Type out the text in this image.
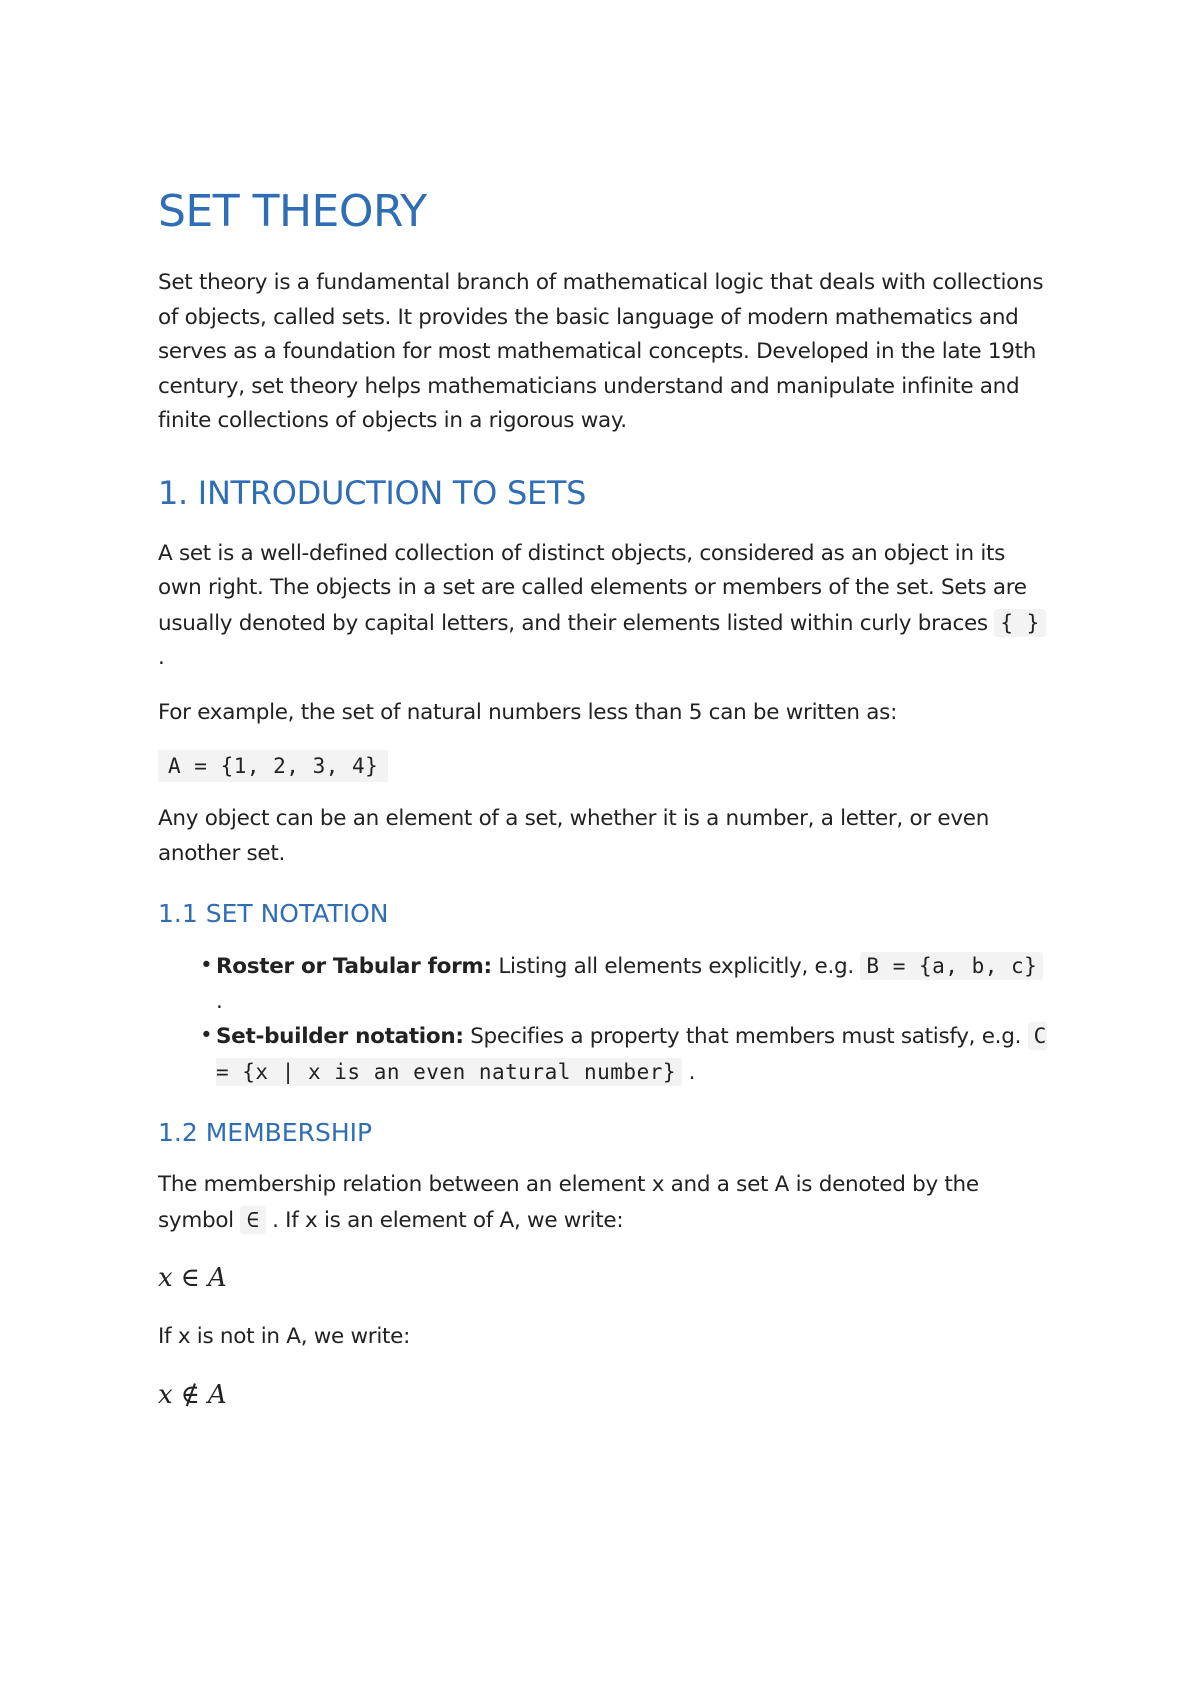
SET THEORY

Set theory is a fundamental branch of mathematical logic that deals with collections of objects, called sets. It provides the basic language of modern mathematics and serves as a foundation for most mathematical concepts. Developed in the late 19th century, set theory helps mathematicians understand and manipulate infinite and finite collections of objects in a rigorous way.

1. INTRODUCTION TO SETS

A set is a well-defined collection of distinct objects, considered as an object in its own right. The objects in a set are called elements or members of the set. Sets are usually denoted by capital letters, and their elements listed within curly braces { } .

For example, the set of natural numbers less than 5 can be written as:

A = {1, 2, 3, 4}

Any object can be an element of a set, whether it is a number, a letter, or even another set.

1.1 SET NOTATION
• Roster or Tabular form: Listing all elements explicitly, e.g. B = {a, b, c} .
• Set-builder notation: Specifies a property that members must satisfy, e.g. C = {x | x is an even natural number} .
1.2 MEMBERSHIP

The membership relation between an element x and a set A is denoted by the symbol ∈ . If x is an element of A, we write:

x ∈ A

If x is not in A, we write:

x ∉ A
